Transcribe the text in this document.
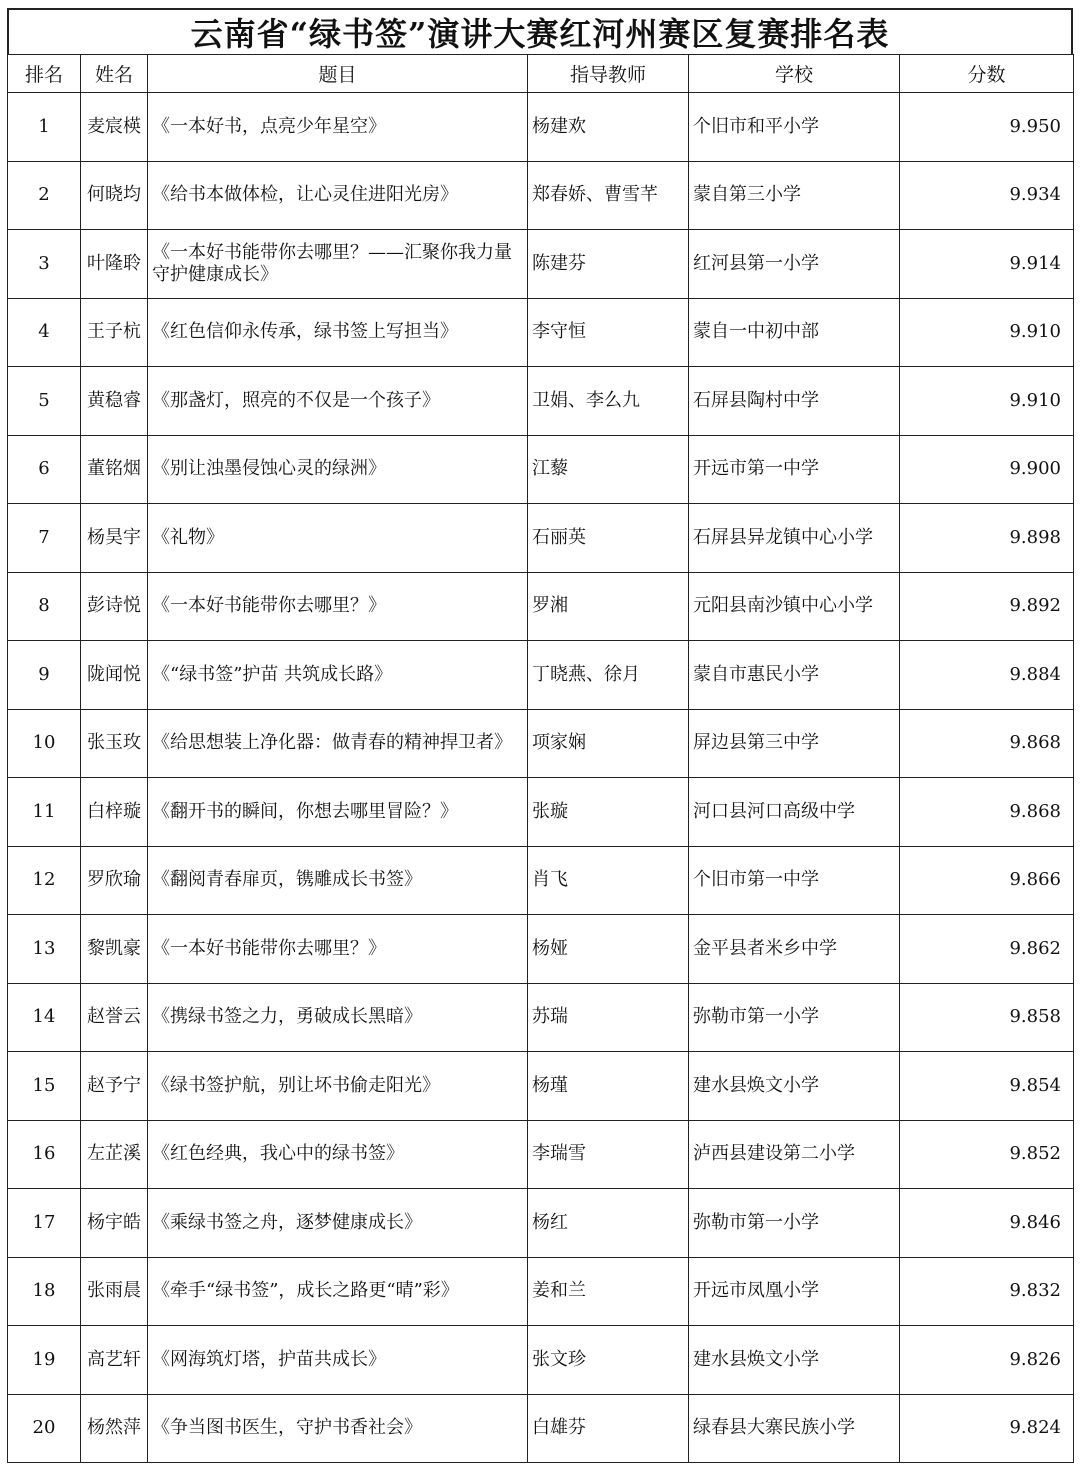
云南省“绿书签”演讲大赛红河州赛区复赛排名表
排名	姓名	题目	指导教师	学校	分数
1	麦宸楧	《一本好书，点亮少年星空》	杨建欢	个旧市和平小学	9.950
2	何晓均	《给书本做体检，让心灵住进阳光房》	郑春娇、曹雪芊	蒙自第三小学	9.934
3	叶隆聆	《一本好书能带你去哪里？——汇聚你我力量 守护健康成长》	陈建芬	红河县第一小学	9.914
4	王子杭	《红色信仰永传承，绿书签上写担当》	李守恒	蒙自一中初中部	9.910
5	黄稳睿	《那盏灯，照亮的不仅是一个孩子》	卫娟、李么九	石屏县陶村中学	9.910
6	董铭烟	《别让浊墨侵蚀心灵的绿洲》	江藜	开远市第一中学	9.900
7	杨昊宇	《礼物》	石丽英	石屏县异龙镇中心小学	9.898
8	彭诗悦	《一本好书能带你去哪里？》	罗湘	元阳县南沙镇中心小学	9.892
9	陇闻悦	《“绿书签”护苗 共筑成长路》	丁晓燕、徐月	蒙自市惠民小学	9.884
10	张玉玫	《给思想装上净化器：做青春的精神捍卫者》	项家娴	屏边县第三中学	9.868
11	白梓璇	《翻开书的瞬间，你想去哪里冒险？》	张璇	河口县河口高级中学	9.868
12	罗欣瑜	《翻阅青春扉页，镌雕成长书签》	肖飞	个旧市第一中学	9.866
13	黎凯豪	《一本好书能带你去哪里？》	杨娅	金平县者米乡中学	9.862
14	赵誉云	《携绿书签之力，勇破成长黑暗》	苏瑞	弥勒市第一小学	9.858
15	赵予宁	《绿书签护航，别让坏书偷走阳光》	杨瑾	建水县焕文小学	9.854
16	左芷溪	《红色经典，我心中的绿书签》	李瑞雪	泸西县建设第二小学	9.852
17	杨宇皓	《乘绿书签之舟，逐梦健康成长》	杨红	弥勒市第一小学	9.846
18	张雨晨	《牵手“绿书签”，成长之路更“晴”彩》	姜和兰	开远市凤凰小学	9.832
19	高艺轩	《网海筑灯塔，护苗共成长》	张文珍	建水县焕文小学	9.826
20	杨然萍	《争当图书医生，守护书香社会》	白雄芬	绿春县大寨民族小学	9.824
